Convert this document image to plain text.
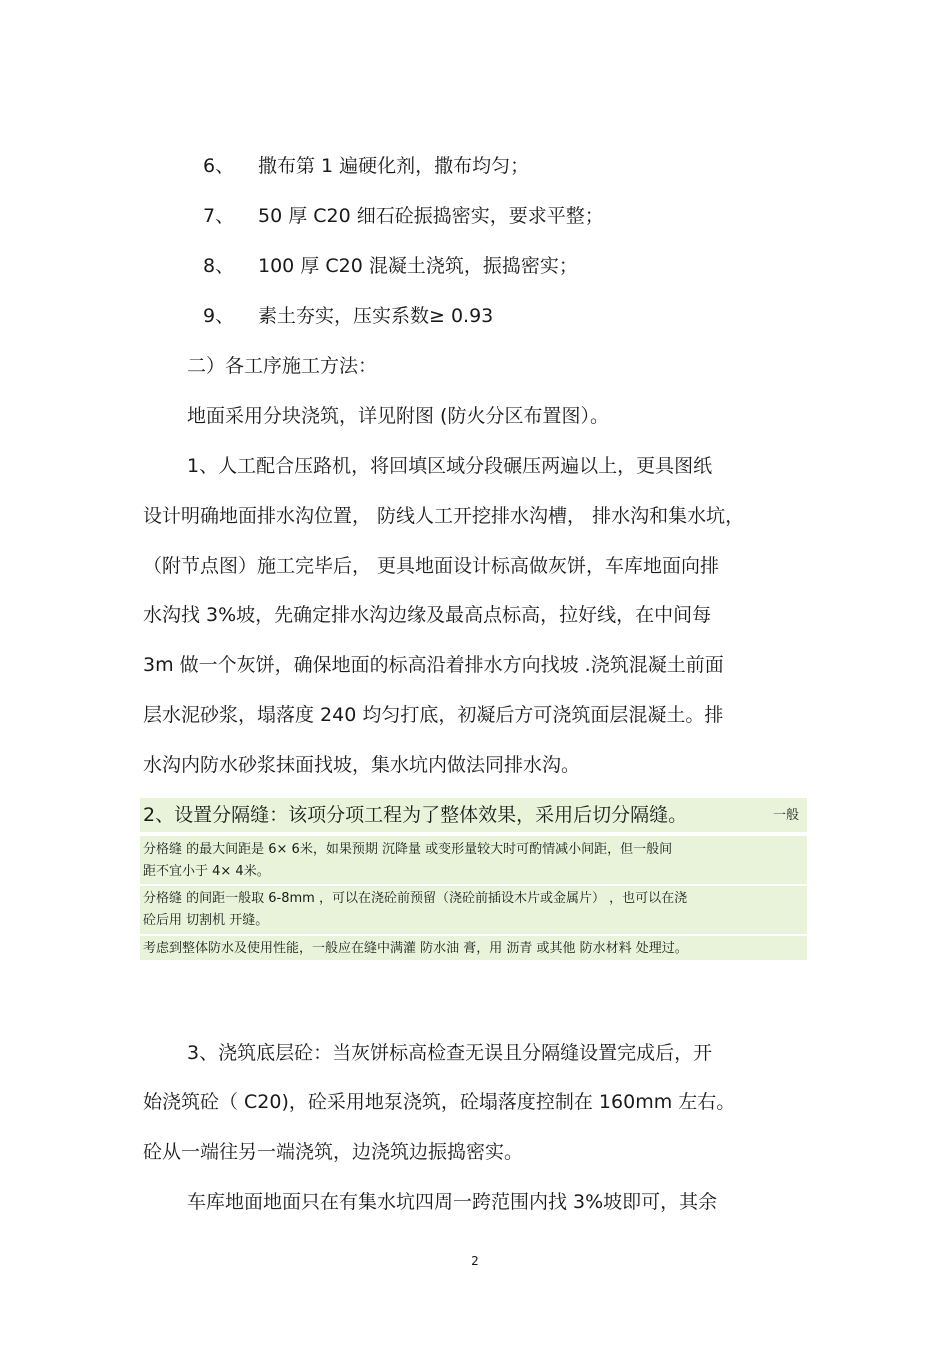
6、 撒布第 1 遍硬化剂，撒布均匀；
7、 50 厚 C20 细石砼振捣密实，要求平整；
8、 100 厚 C20 混凝土浇筑，振捣密实；
9、 素土夯实，压实系数≥ 0.93
二）各工序施工方法：
地面采用分块浇筑，详见附图 (防火分区布置图）。
1、人工配合压路机，将回填区域分段碾压两遍以上，更具图纸
设计明确地面排水沟位置， 防线人工开挖排水沟槽， 排水沟和集水坑，
（附节点图）施工完毕后， 更具地面设计标高做灰饼，车库地面向排
水沟找 3%坡，先确定排水沟边缘及最高点标高，拉好线，在中间每
3m 做一个灰饼，确保地面的标高沿着排水方向找坡 .浇筑混凝土前面
层水泥砂浆，塌落度 240 均匀打底，初凝后方可浇筑面层混凝土。排
水沟内防水砂浆抹面找坡，集水坑内做法同排水沟。
2、设置分隔缝：该项分项工程为了整体效果，采用后切分隔缝。	一般
分格缝 的最大间距是 6× 6米，如果预期 沉降量 或变形量较大时可酌情减小间距，但一般间
距不宜小于 4× 4米。
分格缝 的间距一般取 6-8mm ，可以在浇砼前预留（浇砼前插设木片或金属片） ，也可以在浇
砼后用 切割机 开缝。
考虑到整体防水及使用性能，一般应在缝中满灌 防水油 膏，用 沥青 或其他 防水材料 处理过。
3、浇筑底层砼：当灰饼标高检查无误且分隔缝设置完成后，开
始浇筑砼（ C20)，砼采用地泵浇筑，砼塌落度控制在 160mm 左右。
砼从一端往另一端浇筑，边浇筑边振捣密实。
车库地面地面只在有集水坑四周一跨范围内找 3%坡即可，其余
2
